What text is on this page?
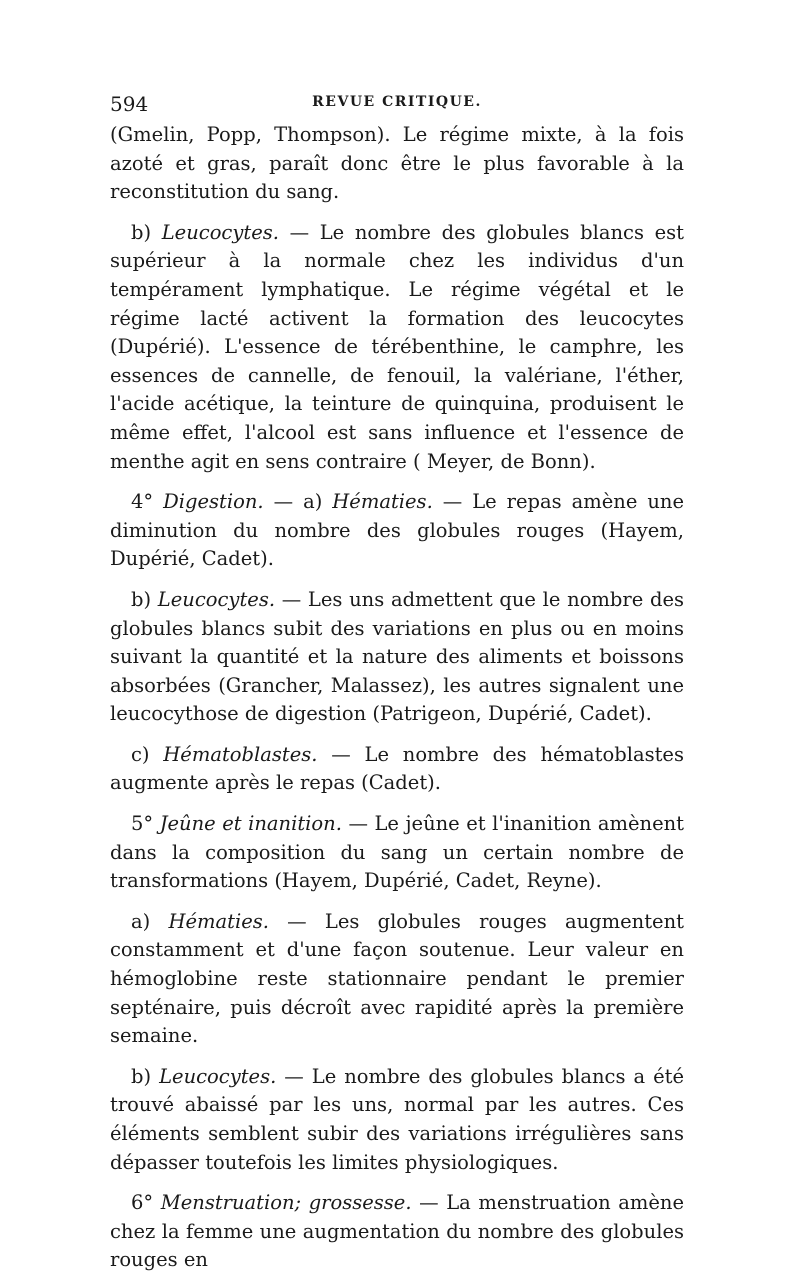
594	REVUE CRITIQUE.

(Gmelin, Popp, Thompson). Le régime mixte, à la fois azoté et gras, paraît donc être le plus favorable à la reconstitution du sang.

b) Leucocytes. — Le nombre des globules blancs est supérieur à la normale chez les individus d'un tempérament lymphatique. Le régime végétal et le régime lacté activent la formation des leucocytes (Dupérié). L'essence de térébenthine, le camphre, les essences de cannelle, de fenouil, la valériane, l'éther, l'acide acétique, la teinture de quinquina, produisent le même effet, l'alcool est sans influence et l'essence de menthe agit en sens contraire ( Meyer, de Bonn).

4° Digestion. — a) Hématies. — Le repas amène une diminution du nombre des globules rouges (Hayem, Dupérié, Cadet).

b) Leucocytes. — Les uns admettent que le nombre des globules blancs subit des variations en plus ou en moins suivant la quantité et la nature des aliments et boissons absorbées (Grancher, Malassez), les autres signalent une leucocythose de digestion (Patrigeon, Dupérié, Cadet).

c) Hématoblastes. — Le nombre des hématoblastes augmente après le repas (Cadet).

5° Jeûne et inanition. — Le jeûne et l'inanition amènent dans la composition du sang un certain nombre de transformations (Hayem, Dupérié, Cadet, Reyne).

a) Hématies. — Les globules rouges augmentent constamment et d'une façon soutenue. Leur valeur en hémoglobine reste stationnaire pendant le premier septénaire, puis décroît avec rapidité après la première semaine.

b) Leucocytes. — Le nombre des globules blancs a été trouvé abaissé par les uns, normal par les autres. Ces éléments semblent subir des variations irrégulières sans dépasser toutefois les limites physiologiques.

6° Menstruation; grossesse. — La menstruation amène chez la femme une augmentation du nombre des globules rouges en
